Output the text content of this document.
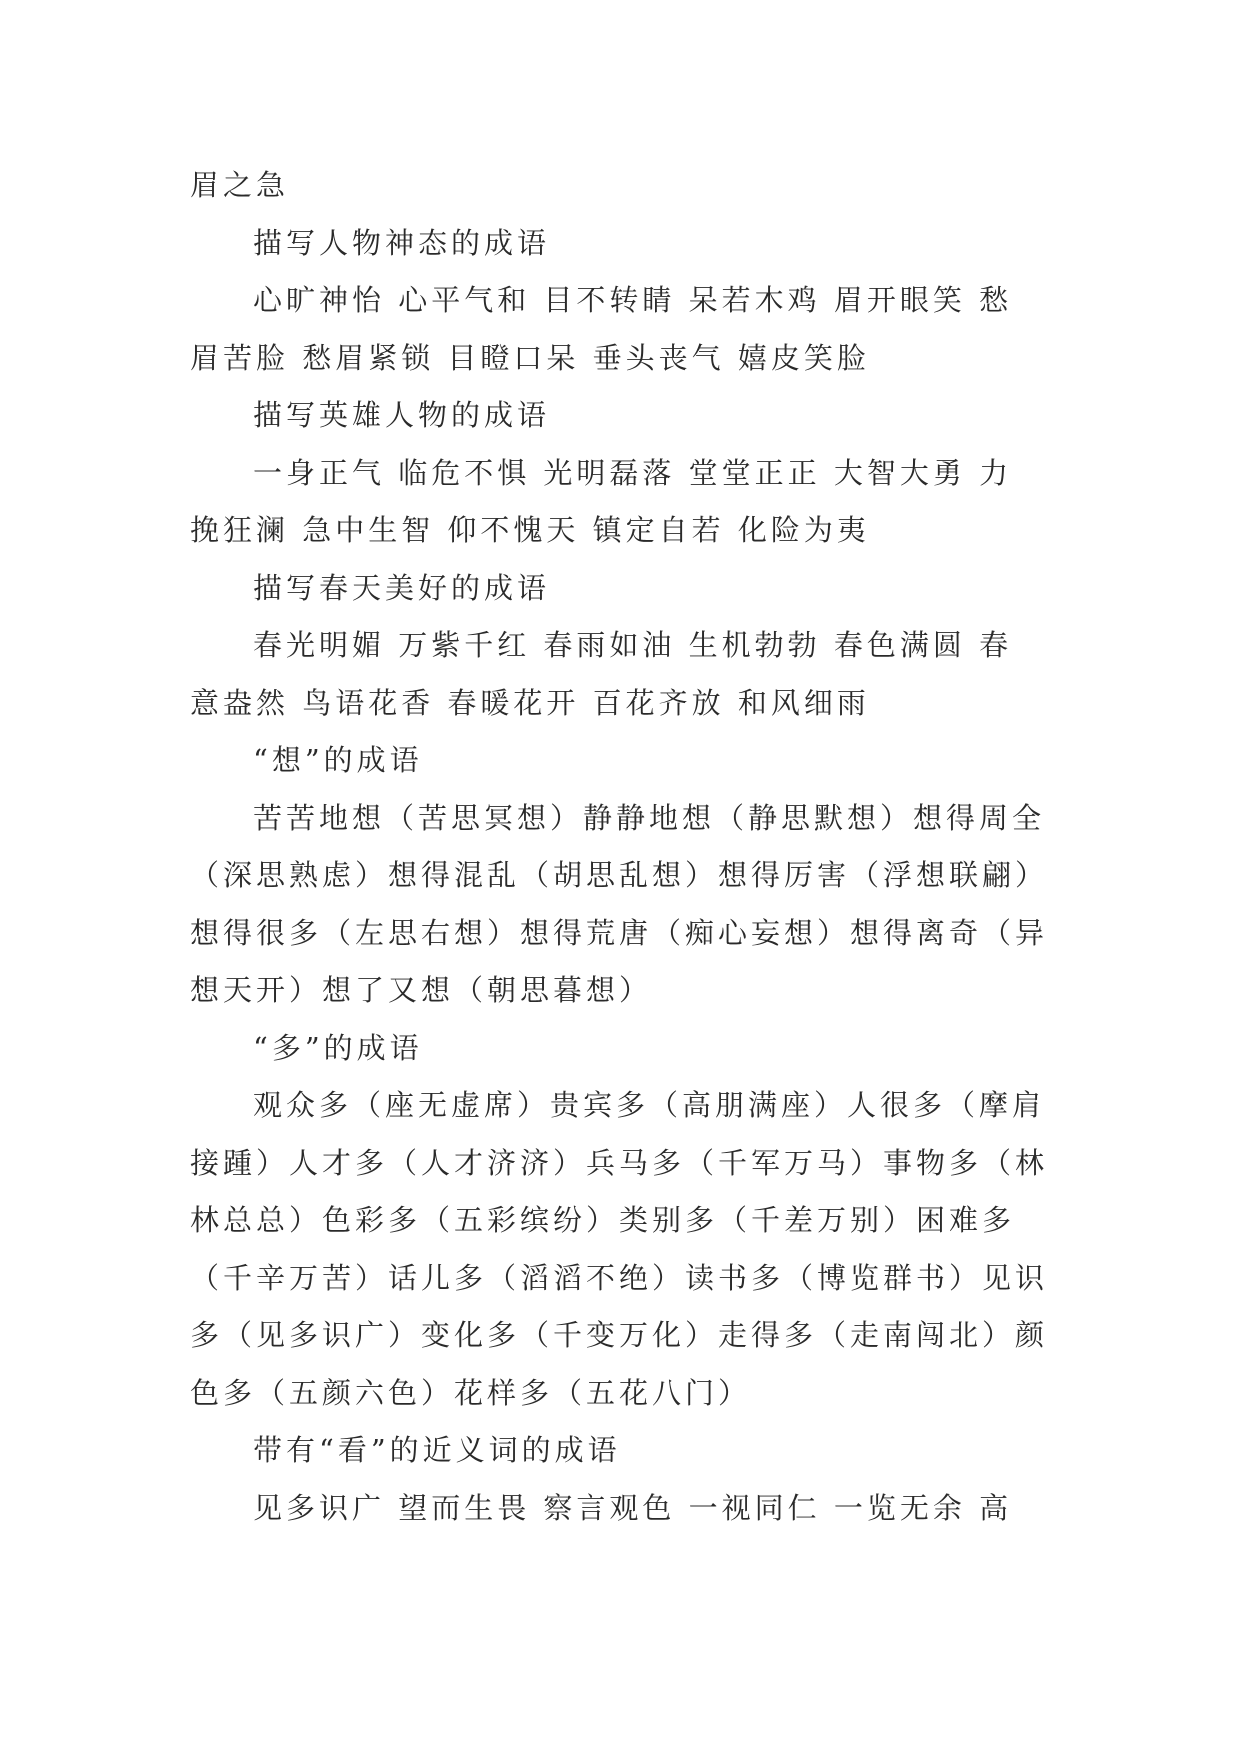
眉之急
描写人物神态的成语
心旷神怡 心平气和 目不转睛 呆若木鸡 眉开眼笑 愁
眉苦脸 愁眉紧锁 目瞪口呆 垂头丧气 嬉皮笑脸
描写英雄人物的成语
一身正气 临危不惧 光明磊落 堂堂正正 大智大勇 力
挽狂澜 急中生智 仰不愧天 镇定自若 化险为夷
描写春天美好的成语
春光明媚 万紫千红 春雨如油 生机勃勃 春色满圆 春
意盎然 鸟语花香 春暖花开 百花齐放 和风细雨
“想”的成语
苦苦地想（苦思冥想）静静地想（静思默想）想得周全
（深思熟虑）想得混乱（胡思乱想）想得厉害（浮想联翩）
想得很多（左思右想）想得荒唐（痴心妄想）想得离奇（异
想天开）想了又想（朝思暮想）
“多”的成语
观众多（座无虚席）贵宾多（高朋满座）人很多（摩肩
接踵）人才多（人才济济）兵马多（千军万马）事物多（林
林总总）色彩多（五彩缤纷）类别多（千差万别）困难多
（千辛万苦）话儿多（滔滔不绝）读书多（博览群书）见识
多（见多识广）变化多（千变万化）走得多（走南闯北）颜
色多（五颜六色）花样多（五花八门）
带有“看”的近义词的成语
见多识广 望而生畏 察言观色 一视同仁 一览无余 高
